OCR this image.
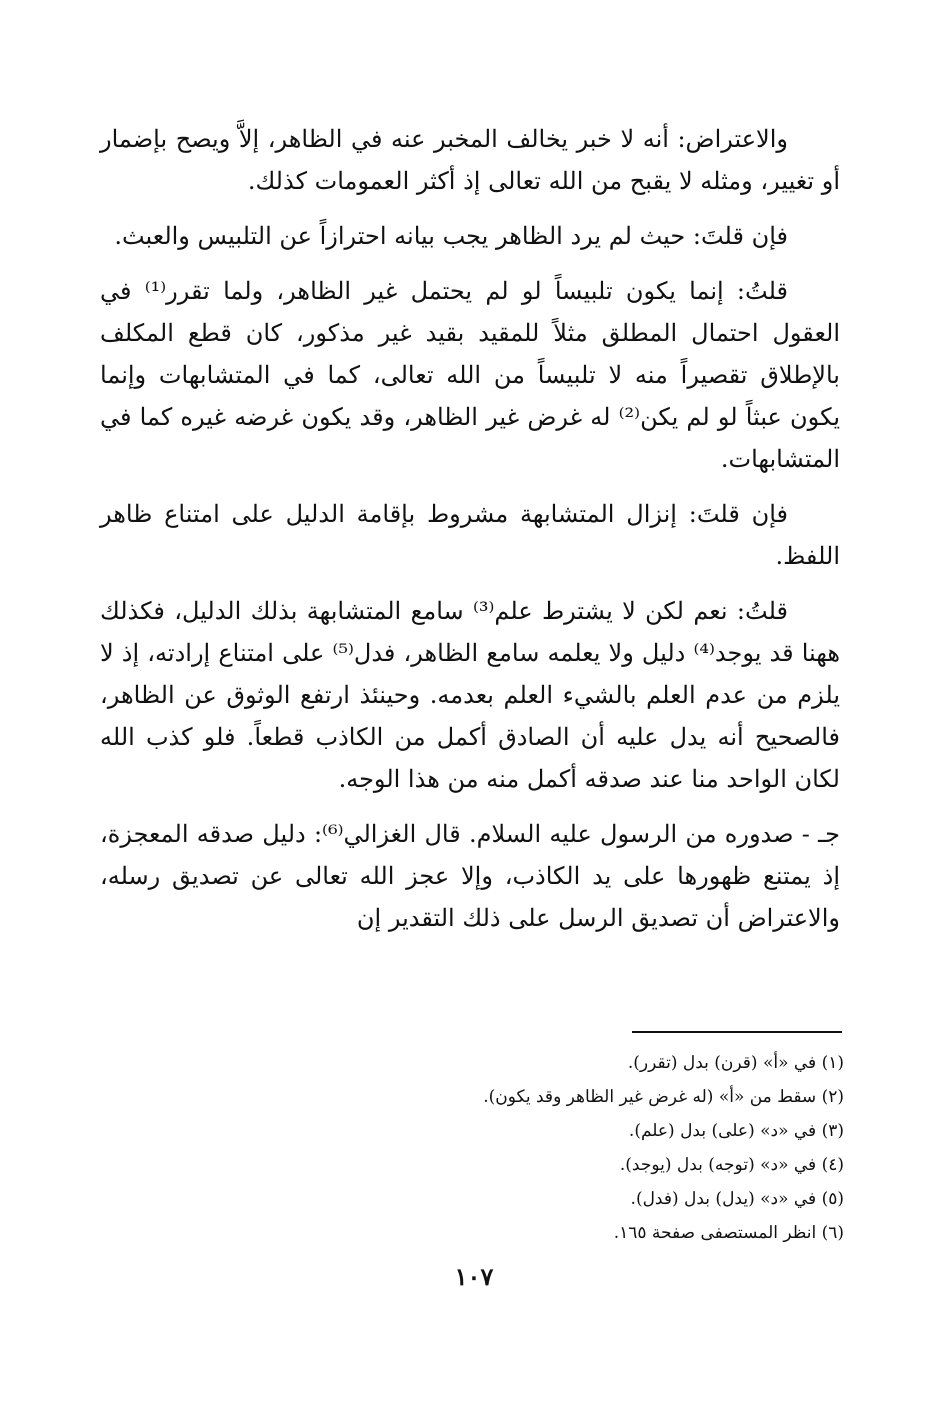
والاعتراض: أنه لا خبر يخالف المخبر عنه في الظاهر، إلاَّ ويصح بإضمار أو تغيير، ومثله لا يقبح من الله تعالى إذ أكثر العمومات كذلك.

فإن قلتَ: حيث لم يرد الظاهر يجب بيانه احترازاً عن التلبيس والعبث.

قلتُ: إنما يكون تلبيساً لو لم يحتمل غير الظاهر، ولما تقرر⁽¹⁾ في العقول احتمال المطلق مثلاً للمقيد بقيد غير مذكور، كان قطع المكلف بالإطلاق تقصيراً منه لا تلبيساً من الله تعالى، كما في المتشابهات وإنما يكون عبثاً لو لم يكن⁽²⁾ له غرض غير الظاهر، وقد يكون غرضه غيره كما في المتشابهات.

فإن قلتَ: إنزال المتشابهة مشروط بإقامة الدليل على امتناع ظاهر اللفظ.

قلتُ: نعم لكن لا يشترط علم⁽³⁾ سامع المتشابهة بذلك الدليل، فكذلك ههنا قد يوجد⁽⁴⁾ دليل ولا يعلمه سامع الظاهر، فدل⁽⁵⁾ على امتناع إرادته، إذ لا يلزم من عدم العلم بالشيء العلم بعدمه. وحينئذ ارتفع الوثوق عن الظاهر، فالصحيح أنه يدل عليه أن الصادق أكمل من الكاذب قطعاً. فلو كذب الله لكان الواحد منا عند صدقه أكمل منه من هذا الوجه.

جـ - صدوره من الرسول عليه السلام. قال الغزالي⁽⁶⁾: دليل صدقه المعجزة، إذ يمتنع ظهورها على يد الكاذب، وإلا عجز الله تعالى عن تصديق رسله، والاعتراض أن تصديق الرسل على ذلك التقدير إن

(١) في «أ» (قرن) بدل (تقرر).
(٢) سقط من «أ» (له غرض غير الظاهر وقد يكون).
(٣) في «د» (على) بدل (علم).
(٤) في «د» (توجه) بدل (يوجد).
(٥) في «د» (يدل) بدل (فدل).
(٦) انظر المستصفى صفحة ١٦٥.
١٠٧
